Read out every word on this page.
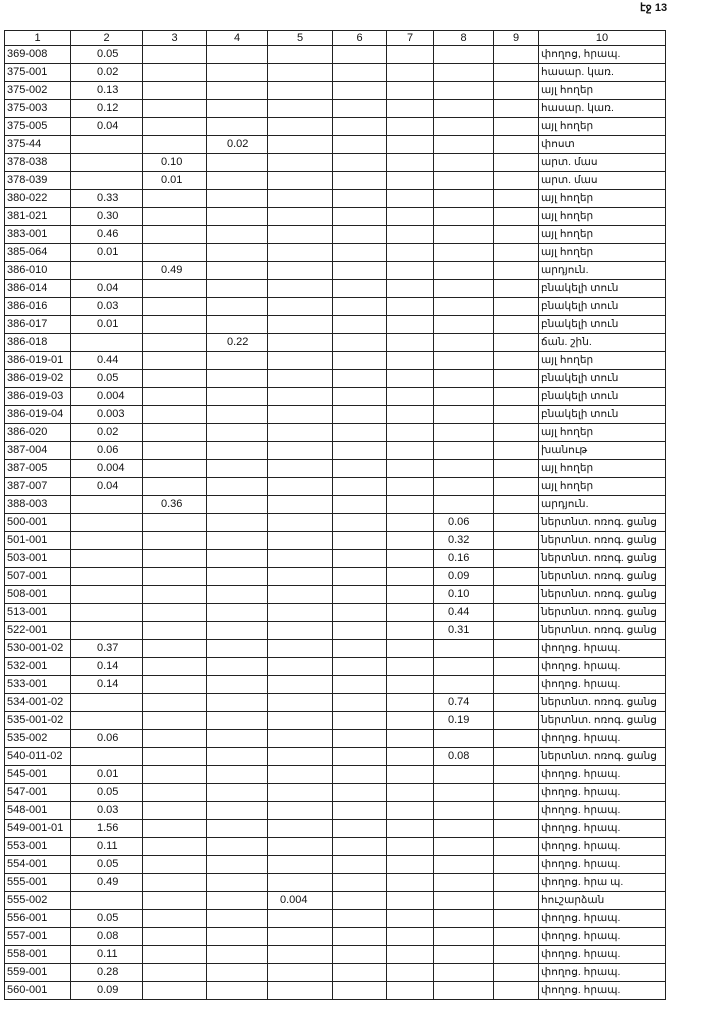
էջ 13
1	2	3	4	5	6	7	8	9	10
369-008	0.05								փողոց, հրապ.
375-001	0.02								հասար. կառ.
375-002	0.13								այլ հողեր
375-003	0.12								հասար. կառ.
375-005	0.04								այլ հողեր
375-44			0.02						փոստ
378-038		0.10							արտ. մաս
378-039		0.01							արտ. մաս
380-022	0.33								այլ հողեր
381-021	0.30								այլ հողեր
383-001	0.46								այլ հողեր
385-064	0.01								այլ հողեր
386-010		0.49							արդյուն.
386-014	0.04								բնակելի տուն
386-016	0.03								բնակելի տուն
386-017	0.01								բնակելի տուն
386-018			0.22						ճան. շին.
386-019-01	0.44								այլ հողեր
386-019-02	0.05								բնակելի տուն
386-019-03	0.004								բնակելի տուն
386-019-04	0.003								բնակելի տուն
386-020	0.02								այլ հողեր
387-004	0.06								խանութ
387-005	0.004								այլ հողեր
387-007	0.04								այլ հողեր
388-003		0.36							արդյուն.
500-001							0.06		ներտնտ. ոռոգ. ցանց
501-001							0.32		ներտնտ. ոռոգ. ցանց
503-001							0.16		ներտնտ. ոռոգ. ցանց
507-001							0.09		ներտնտ. ոռոգ. ցանց
508-001							0.10		ներտնտ. ոռոգ. ցանց
513-001							0.44		ներտնտ. ոռոգ. ցանց
522-001							0.31		ներտնտ. ոռոգ. ցանց
530-001-02	0.37								փողոց. հրապ.
532-001	0.14								փողոց. հրապ.
533-001	0.14								փողոց. հրապ.
534-001-02							0.74		ներտնտ. ոռոգ. ցանց
535-001-02							0.19		ներտնտ. ոռոգ. ցանց
535-002	0.06								փողոց. հրապ.
540-011-02							0.08		ներտնտ. ոռոգ. ցանց
545-001	0.01								փողոց. հրապ.
547-001	0.05								փողոց. հրապ.
548-001	0.03								փողոց. հրապ.
549-001-01	1.56								փողոց. հրապ.
553-001	0.11								փողոց. հրապ.
554-001	0.05								փողոց. հրապ.
555-001	0.49								փողոց. հրա պ.
555-002				0.004					հուշարձան
556-001	0.05								փողոց. հրապ.
557-001	0.08								փողոց. հրապ.
558-001	0.11								փողոց. հրապ.
559-001	0.28								փողոց. հրապ.
560-001	0.09								փողոց. հրապ.
